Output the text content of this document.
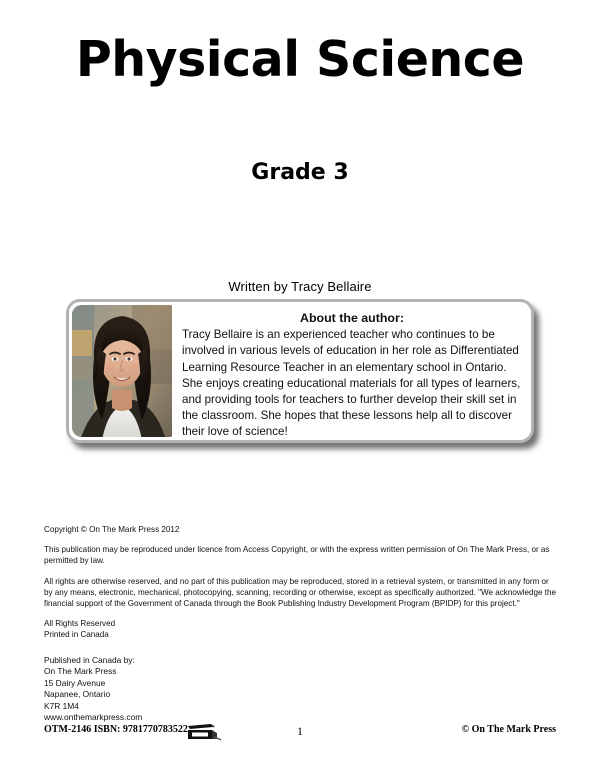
Physical Science
Grade 3
Written by Tracy Bellaire
About the author:
Tracy Bellaire is an experienced teacher who continues to be involved in various levels of education in her role as Differentiated Learning Resource Teacher in an elementary school in Ontario. She enjoys creating educational materials for all types of learners, and providing tools for teachers to further develop their skill set in the classroom. She hopes that these lessons help all to discover their love of science!

Copyright © On The Mark Press 2012

This publication may be reproduced under licence from Access Copyright, or with the express written permission of On The Mark Press, or as permitted by law.

All rights are otherwise reserved, and no part of this publication may be reproduced, stored in a retrieval system, or transmitted in any form or by any means, electronic, mechanical, photocopying, scanning, recording or otherwise, except as specifically authorized. "We acknowledge the financial support of the Government of Canada through the Book Publishing Industry Development Program (BPIDP) for this project."

All Rights Reserved

Printed in Canada

Published in Canada by:
On The Mark Press
15 Dairy Avenue
Napanee, Ontario
K7R 1M4
www.onthemarkpress.com
OTM-2146 ISBN: 9781770783522	1	© On The Mark Press
